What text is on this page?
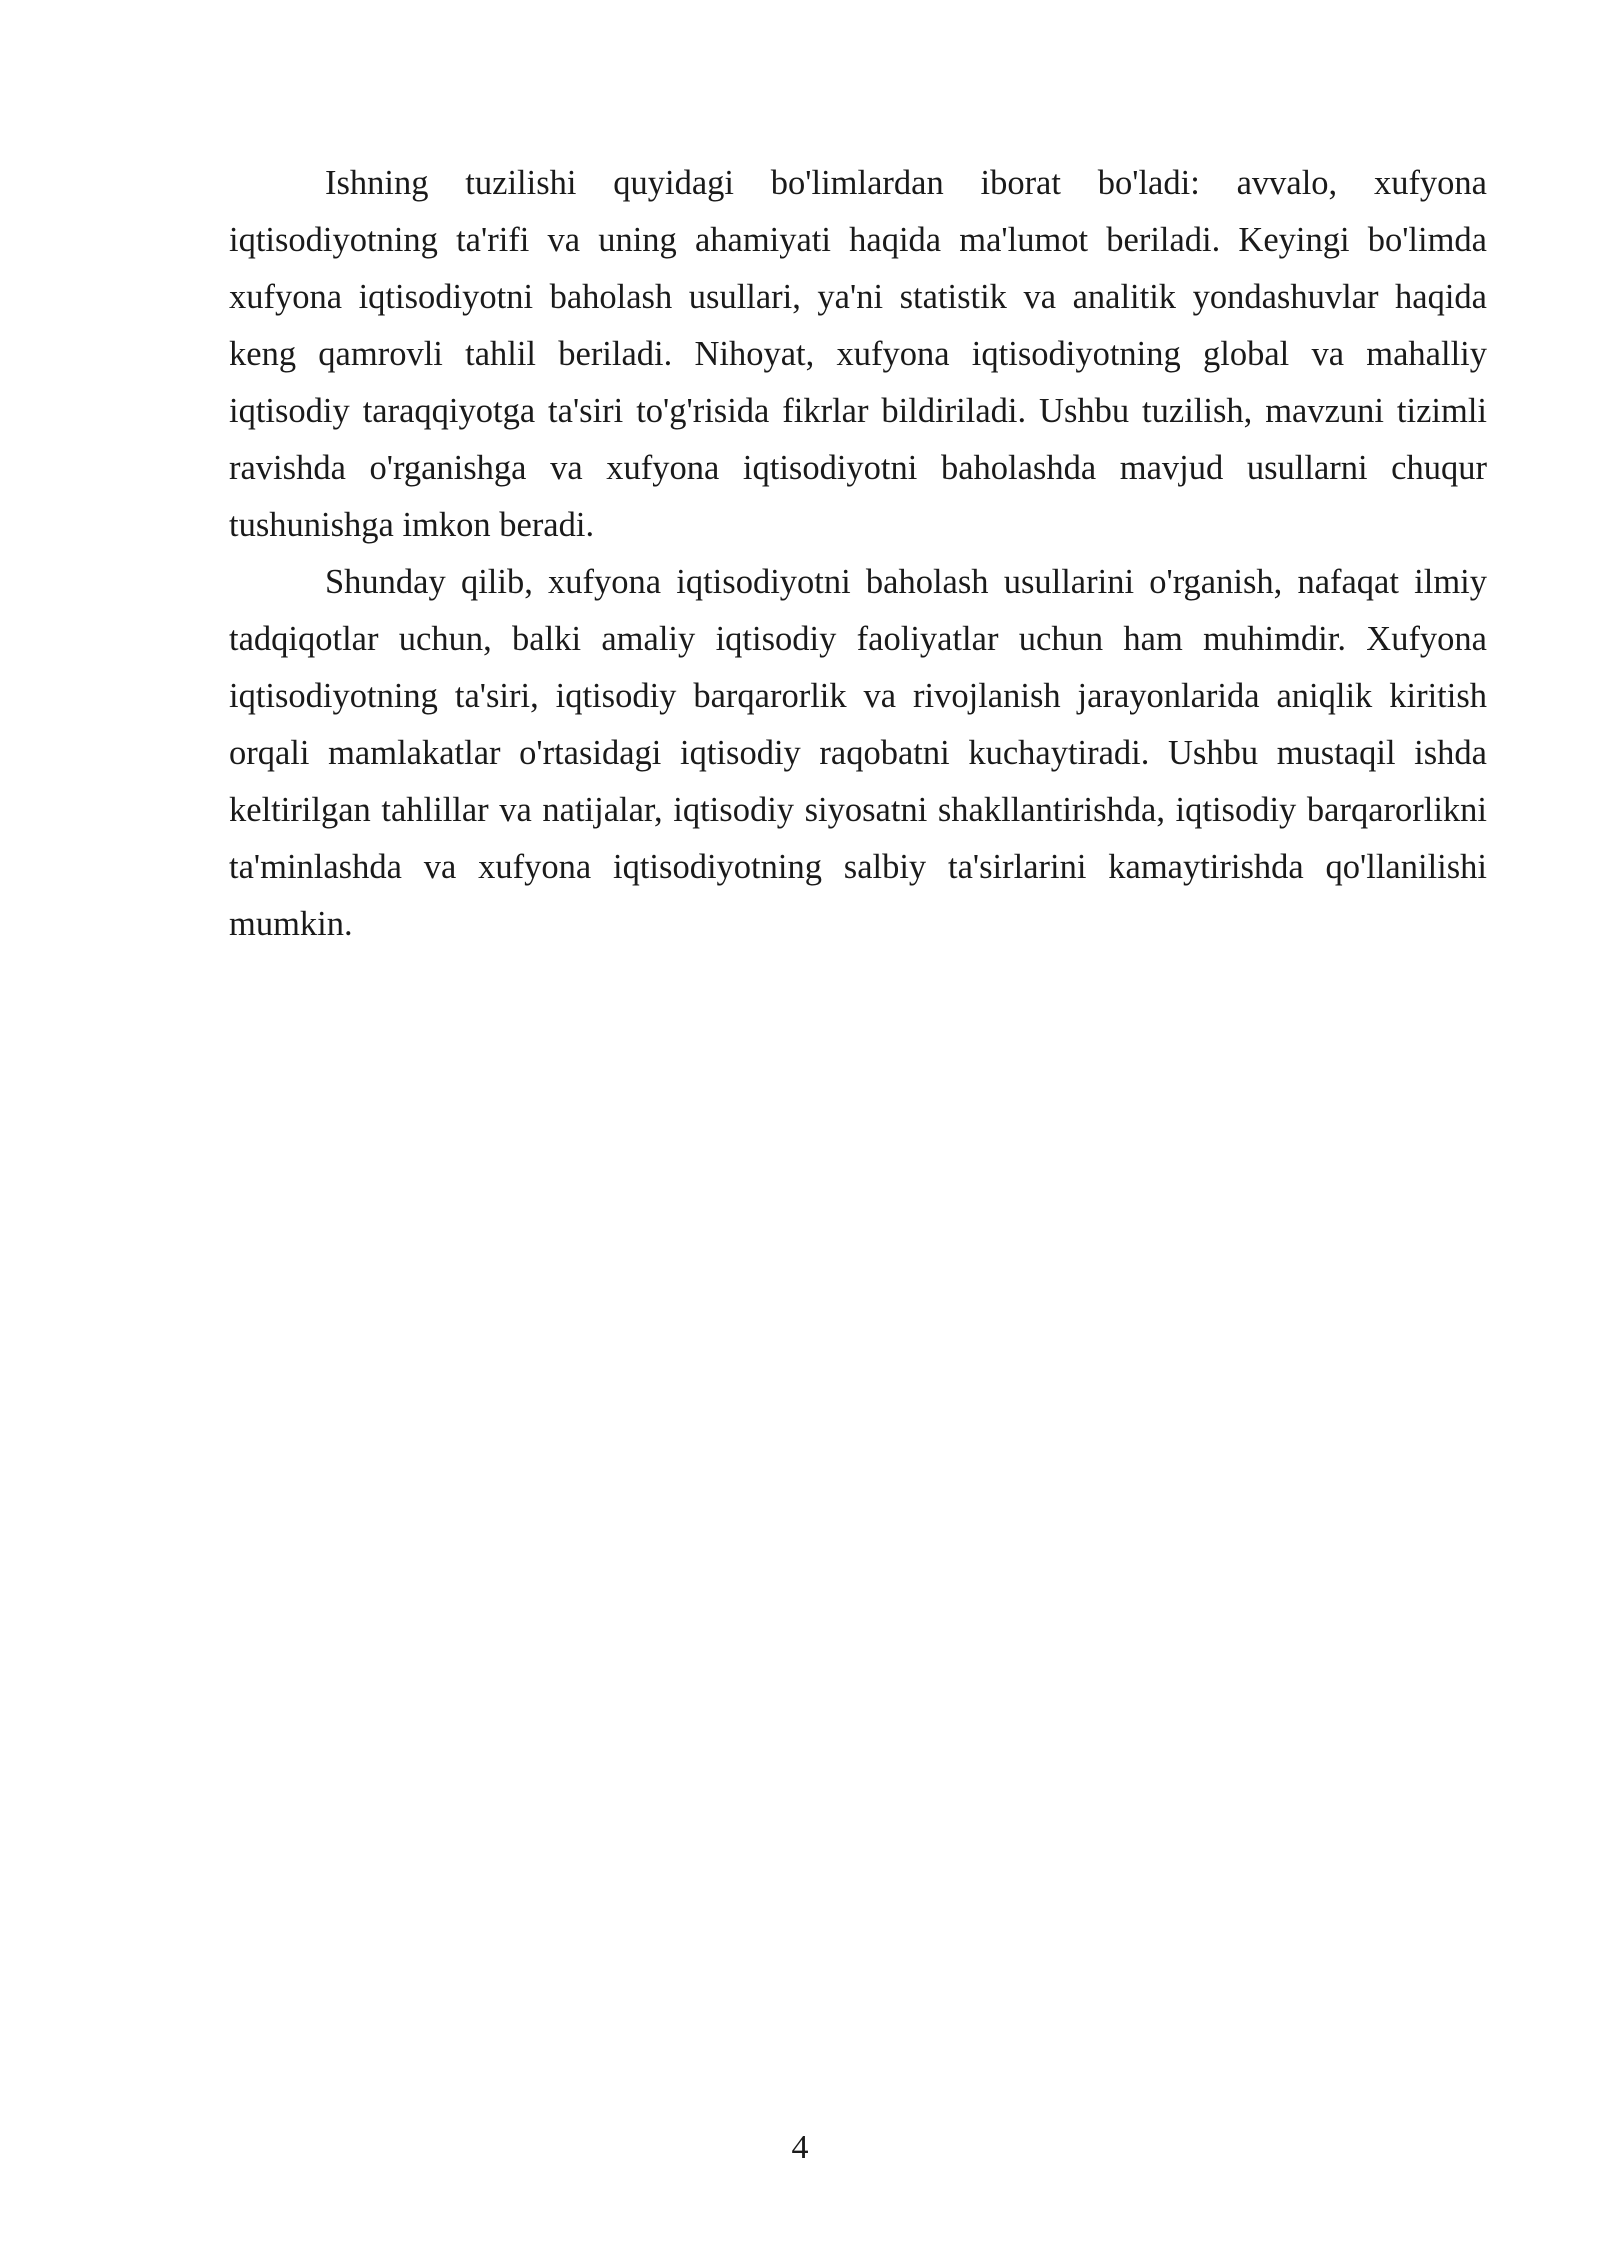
Ishning tuzilishi quyidagi bo'limlardan iborat bo'ladi: avvalo, xufyona iqtisodiyotning ta'rifi va uning ahamiyati haqida ma'lumot beriladi. Keyingi bo'limda xufyona iqtisodiyotni baholash usullari, ya'ni statistik va analitik yondashuvlar haqida keng qamrovli tahlil beriladi. Nihoyat, xufyona iqtisodiyotning global va mahalliy iqtisodiy taraqqiyotga ta'siri to'g'risida fikrlar bildiriladi. Ushbu tuzilish, mavzuni tizimli ravishda o'rganishga va xufyona iqtisodiyotni baholashda mavjud usullarni chuqur tushunishga imkon beradi.

Shunday qilib, xufyona iqtisodiyotni baholash usullarini o'rganish, nafaqat ilmiy tadqiqotlar uchun, balki amaliy iqtisodiy faoliyatlar uchun ham muhimdir. Xufyona iqtisodiyotning ta'siri, iqtisodiy barqarorlik va rivojlanish jarayonlarida aniqlik kiritish orqali mamlakatlar o'rtasidagi iqtisodiy raqobatni kuchaytiradi. Ushbu mustaqil ishda keltirilgan tahlillar va natijalar, iqtisodiy siyosatni shakllantirishda, iqtisodiy barqarorlikni ta'minlashda va xufyona iqtisodiyotning salbiy ta'sirlarini kamaytirishda qo'llanilishi mumkin.

4
